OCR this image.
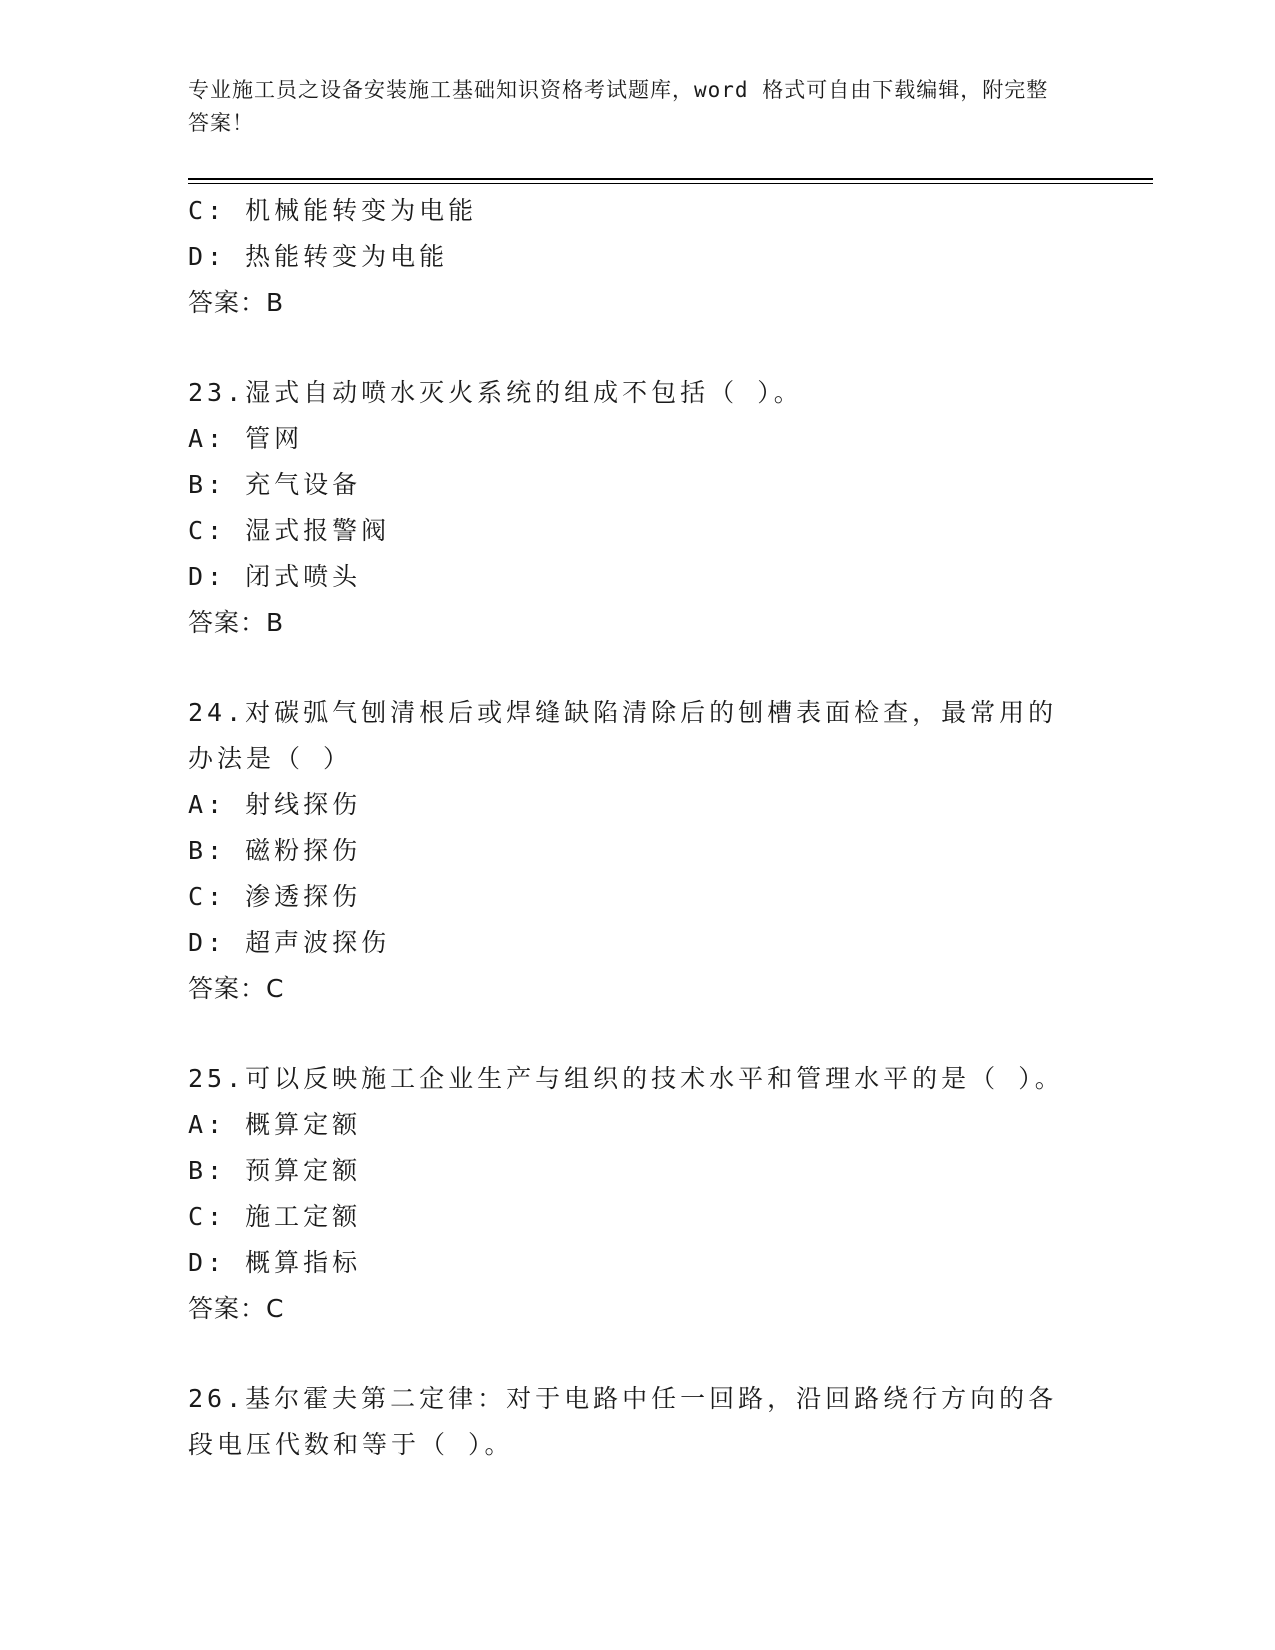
专业施工员之设备安装施工基础知识资格考试题库，word 格式可自由下载编辑，附完整答案！
C: 机械能转变为电能
D: 热能转变为电能
答案：B
23.湿式自动喷水灭火系统的组成不包括（ ）。
A: 管网
B: 充气设备
C: 湿式报警阀
D: 闭式喷头
答案：B
24.对碳弧气刨清根后或焊缝缺陷清除后的刨槽表面检查，最常用的办法是（ ）
A: 射线探伤
B: 磁粉探伤
C: 渗透探伤
D: 超声波探伤
答案：C
25.可以反映施工企业生产与组织的技术水平和管理水平的是（ ）。
A: 概算定额
B: 预算定额
C: 施工定额
D: 概算指标
答案：C
26.基尔霍夫第二定律：对于电路中任一回路，沿回路绕行方向的各段电压代数和等于（ ）。
